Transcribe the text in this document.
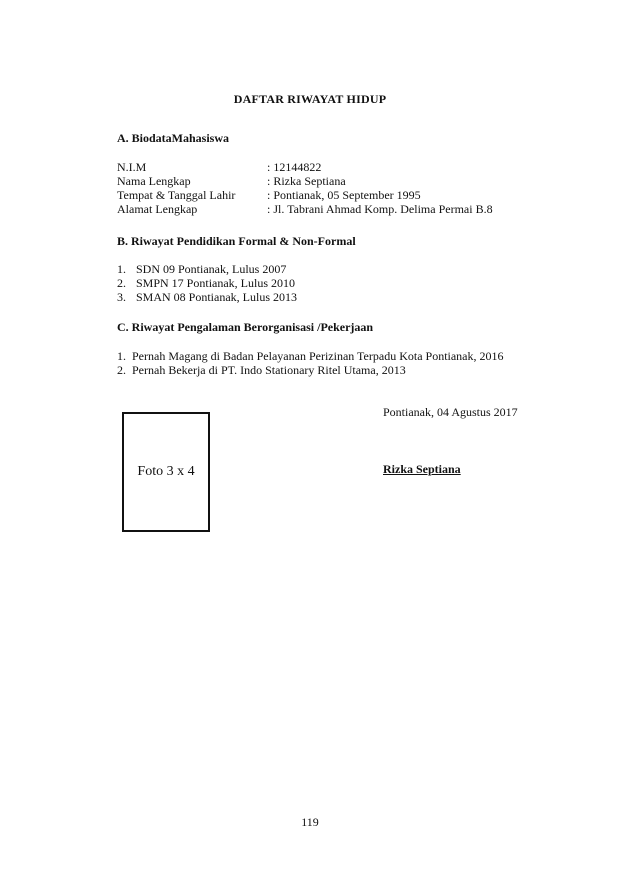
DAFTAR RIWAYAT HIDUP
A. BiodataMahasiswa
N.I.M	: 12144822
Nama Lengkap	: Rizka Septiana
Tempat & Tanggal Lahir	: Pontianak, 05 September 1995
Alamat Lengkap	: Jl. Tabrani Ahmad Komp. Delima Permai B.8
B. Riwayat Pendidikan Formal & Non-Formal
1. SDN 09 Pontianak, Lulus 2007
2. SMPN 17 Pontianak, Lulus 2010
3. SMAN 08 Pontianak, Lulus 2013
C. Riwayat Pengalaman Berorganisasi /Pekerjaan
1. Pernah Magang di Badan Pelayanan Perizinan Terpadu Kota Pontianak, 2016
2. Pernah Bekerja di PT. Indo Stationary Ritel Utama, 2013
Pontianak, 04 Agustus 2017
Foto 3 x 4	Rizka Septiana
119
